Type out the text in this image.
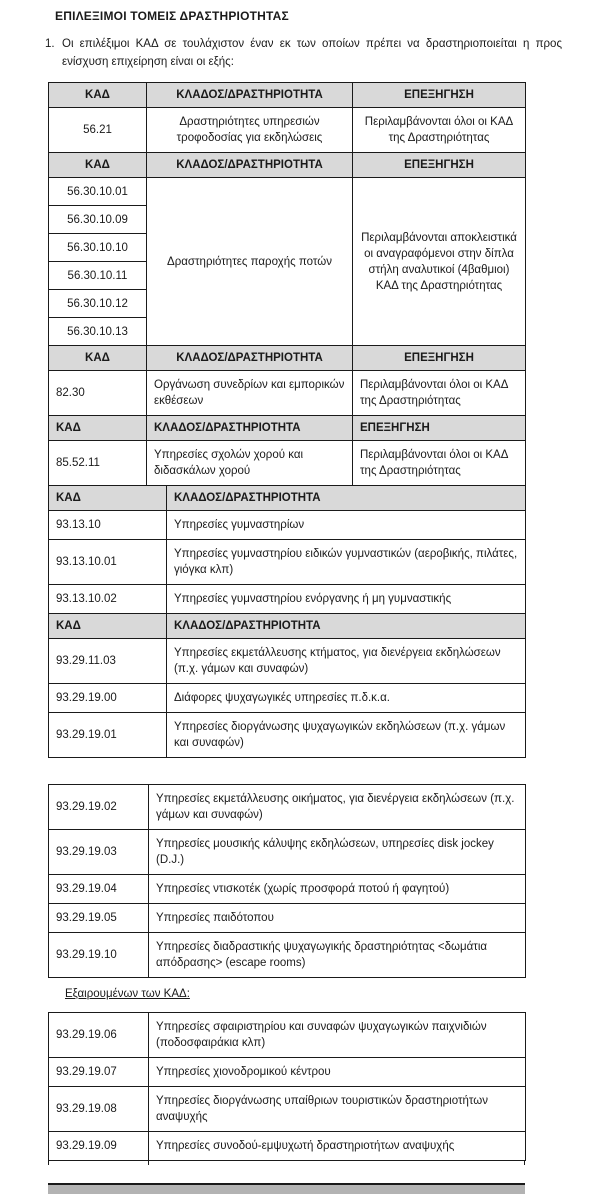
ΕΠΙΛΕΞΙΜΟΙ ΤΟΜΕΙΣ ΔΡΑΣΤΗΡΙΟΤΗΤΑΣ
1. Οι επιλέξιμοι ΚΑΔ σε τουλάχιστον έναν εκ των οποίων πρέπει να δραστηριοποιείται η προς ενίσχυση επιχείρηση είναι οι εξής:
ΚΑΔ	ΚΛΑΔΟΣ/ΔΡΑΣΤΗΡΙΟΤΗΤΑ	ΕΠΕΞΗΓΗΣΗ
56.21	Δραστηριότητες υπηρεσιών τροφοδοσίας για εκδηλώσεις	Περιλαμβάνονται όλοι οι ΚΑΔ της Δραστηριότητας
ΚΑΔ	ΚΛΑΔΟΣ/ΔΡΑΣΤΗΡΙΟΤΗΤΑ	ΕΠΕΞΗΓΗΣΗ
56.30.10.01	Δραστηριότητες παροχής ποτών	Περιλαμβάνονται αποκλειστικά οι αναγραφόμενοι στην δίπλα στήλη αναλυτικοί (4βαθμιοι) ΚΑΔ της Δραστηριότητας
56.30.10.09		
56.30.10.10		
56.30.10.11		
56.30.10.12		
56.30.10.13		
ΚΑΔ	ΚΛΑΔΟΣ/ΔΡΑΣΤΗΡΙΟΤΗΤΑ	ΕΠΕΞΗΓΗΣΗ
82.30	Οργάνωση συνεδρίων και εμπορικών εκθέσεων	Περιλαμβάνονται όλοι οι ΚΑΔ της Δραστηριότητας
ΚΑΔ	ΚΛΑΔΟΣ/ΔΡΑΣΤΗΡΙΟΤΗΤΑ	ΕΠΕΞΗΓΗΣΗ
85.52.11	Υπηρεσίες σχολών χορού και διδασκάλων χορού	Περιλαμβάνονται όλοι οι ΚΑΔ της Δραστηριότητας
ΚΑΔ	ΚΛΑΔΟΣ/ΔΡΑΣΤΗΡΙΟΤΗΤΑ
93.13.10	Υπηρεσίες γυμναστηρίων
93.13.10.01	Υπηρεσίες γυμναστηρίου ειδικών γυμναστικών (αεροβικής, πιλάτες, γιόγκα κλπ)
93.13.10.02	Υπηρεσίες γυμναστηρίου ενόργανης ή μη γυμναστικής
ΚΑΔ	ΚΛΑΔΟΣ/ΔΡΑΣΤΗΡΙΟΤΗΤΑ
93.29.11.03	Υπηρεσίες εκμετάλλευσης κτήματος, για διενέργεια εκδηλώσεων (π.χ. γάμων και συναφών)
93.29.19.00	Διάφορες ψυχαγωγικές υπηρεσίες π.δ.κ.α.
93.29.19.01	Υπηρεσίες διοργάνωσης ψυχαγωγικών εκδηλώσεων (π.χ. γάμων και συναφών)
93.29.19.02	Υπηρεσίες εκμετάλλευσης οικήματος, για διενέργεια εκδηλώσεων (π.χ. γάμων και συναφών)
93.29.19.03	Υπηρεσίες μουσικής κάλυψης εκδηλώσεων, υπηρεσίες disk jockey (D.J.)
93.29.19.04	Υπηρεσίες ντισκοτέκ (χωρίς προσφορά ποτού ή φαγητού)
93.29.19.05	Υπηρεσίες παιδότοπου
93.29.19.10	Υπηρεσίες διαδραστικής ψυχαγωγικής δραστηριότητας <δωμάτια απόδρασης> (escape rooms)
Εξαιρουμένων των ΚΑΔ:
93.29.19.06	Υπηρεσίες σφαιριστηρίου και συναφών ψυχαγωγικών παιχνιδιών (ποδοσφαιράκια κλπ)
93.29.19.07	Υπηρεσίες χιονοδρομικού κέντρου
93.29.19.08	Υπηρεσίες διοργάνωσης υπαίθριων τουριστικών δραστηριοτήτων αναψυχής
93.29.19.09	Υπηρεσίες συνοδού-εμψυχωτή δραστηριοτήτων αναψυχής
